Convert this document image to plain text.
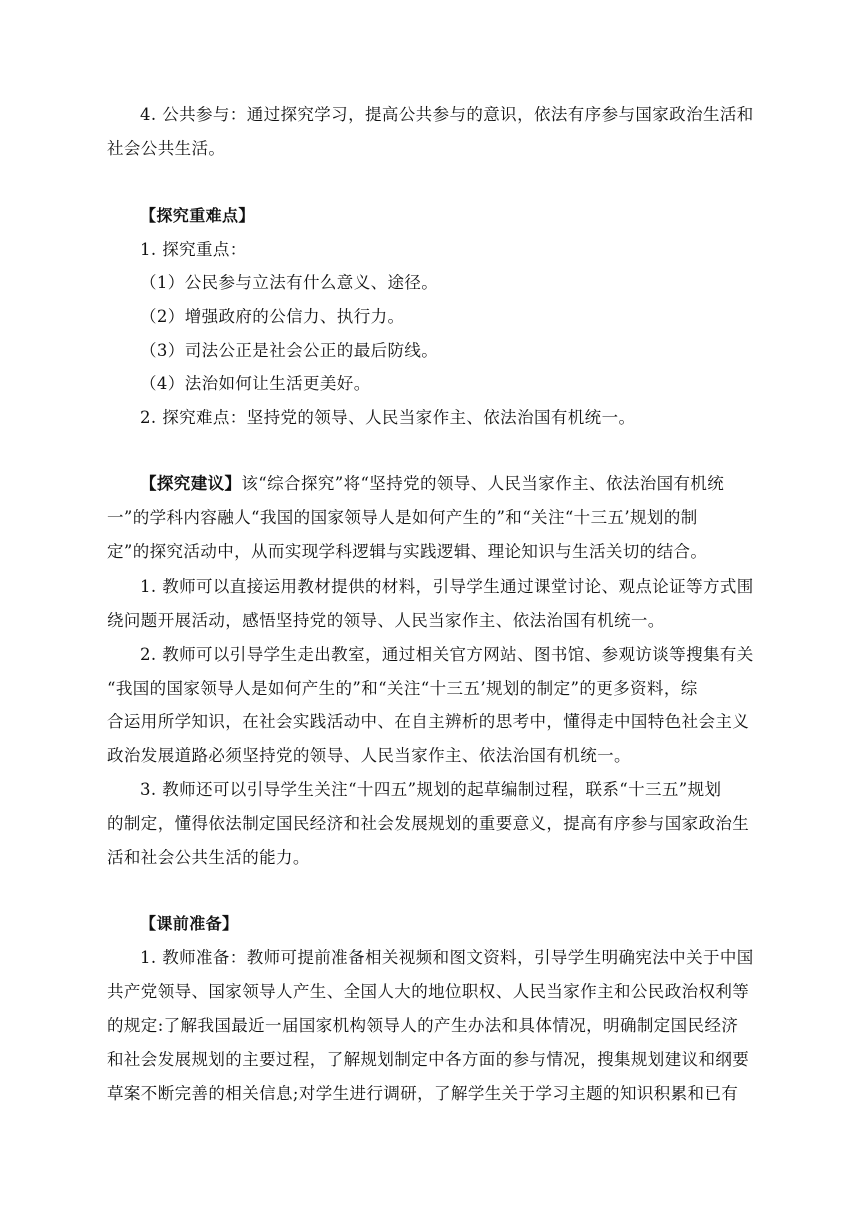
4. 公共参与：通过探究学习，提高公共参与的意识，依法有序参与国家政治生活和
社会公共生活。
【探究重难点】
1. 探究重点：
（1）公民参与立法有什么意义、途径。
（2）增强政府的公信力、执行力。
（3）司法公正是社会公正的最后防线。
（4）法治如何让生活更美好。
2. 探究难点：坚持党的领导、人民当家作主、依法治国有机统一。
【探究建议】该“综合探究”将“坚持党的领导、人民当家作主、依法治国有机统
一”的学科内容融人“我国的国家领导人是如何产生的”和“关注“十三五’规划的制
定”的探究活动中，从而实现学科逻辑与实践逻辑、理论知识与生活关切的结合。
1. 教师可以直接运用教材提供的材料，引导学生通过课堂讨论、观点论证等方式围
绕问题开展活动，感悟坚持党的领导、人民当家作主、依法治国有机统一。
2. 教师可以引导学生走出教室，通过相关官方网站、图书馆、参观访谈等搜集有关
“我国的国家领导人是如何产生的”和“关注“十三五’规划的制定”的更多资料，综
合运用所学知识，在社会实践活动中、在自主辨析的思考中，懂得走中国特色社会主义
政治发展道路必须坚持党的领导、人民当家作主、依法治国有机统一。
3. 教师还可以引导学生关注“十四五”规划的起草编制过程，联系“十三五”规划
的制定，懂得依法制定国民经济和社会发展规划的重要意义，提高有序参与国家政治生
活和社会公共生活的能力。
【课前准备】
1. 教师准备：教师可提前准备相关视频和图文资料，引导学生明确宪法中关于中国
共产党领导、国家领导人产生、全国人大的地位职权、人民当家作主和公民政治权利等
的规定:了解我国最近一届国家机构领导人的产生办法和具体情况，明确制定国民经济
和社会发展规划的主要过程，了解规划制定中各方面的参与情况，搜集规划建议和纲要
草案不断完善的相关信息;对学生进行调研，了解学生关于学习主题的知识积累和已有
